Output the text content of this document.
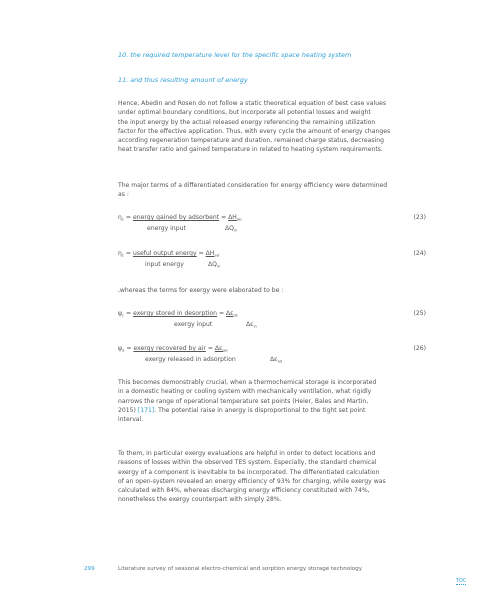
10. the required temperature level for the specific space heating system
11. and thus resulting amount of energy
Hence, Abedin and Rosen do not follow a static theoretical equation of best case values
under optimal boundary conditions, but incorporate all potential losses and weight
the input energy by the actual released energy referencing the remaining utilization
factor for the effective application. Thus, with every cycle the amount of energy changes
according regeneration temperature and duration, remained charge status, decreasing
heat transfer ratio and gained temperature in related to heating system requirements.
The major terms of a differentiated consideration for energy efficiency were determined
as :
$\eta_c$ = energy gained by adsorbent = $\Delta H_{ab}$
energy input	$\Delta Q_{in}$
(23)
$\eta_c$ = useful output energy = $\Delta H_{ad}$
input energy	$\Delta Q_{in}$
(24)
,whereas the terms for exergy were elaborated to be :
$\psi_c$ = exergy stored in desorption = $\Delta\varepsilon_{ds}$
exergy input	$\Delta\varepsilon_{in}$
(25)
$\psi_d$ = exergy recovered by air = $\Delta\varepsilon_{rec}$
exergy released in adsorption	$\Delta\varepsilon_{ad}$
(26)
This becomes demonstrably crucial, when a thermochemical storage is incorporated
in a domestic heating or cooling system with mechanically ventilation, what rigidly
narrows the range of operational temperature set points (Heier, Bales and Martin,
2015) [171]. The potential raise in anergy is disproportional to the tight set point
interval.
To them, in particular exergy evaluations are helpful in order to detect locations and
reasons of losses within the observed TES system. Especially, the standard chemical
exergy of a component is inevitable to be incorporated. The differentiated calculation
of an open-system revealed an energy efficiency of 93% for charging, while exergy was
calculated with 84%, whereas discharging energy efficiency constituted with 74%,
nonetheless the exergy counterpart with simply 28%.
299	Literature survey of seasonal electro-chemical and sorption energy storage technology
TOC
